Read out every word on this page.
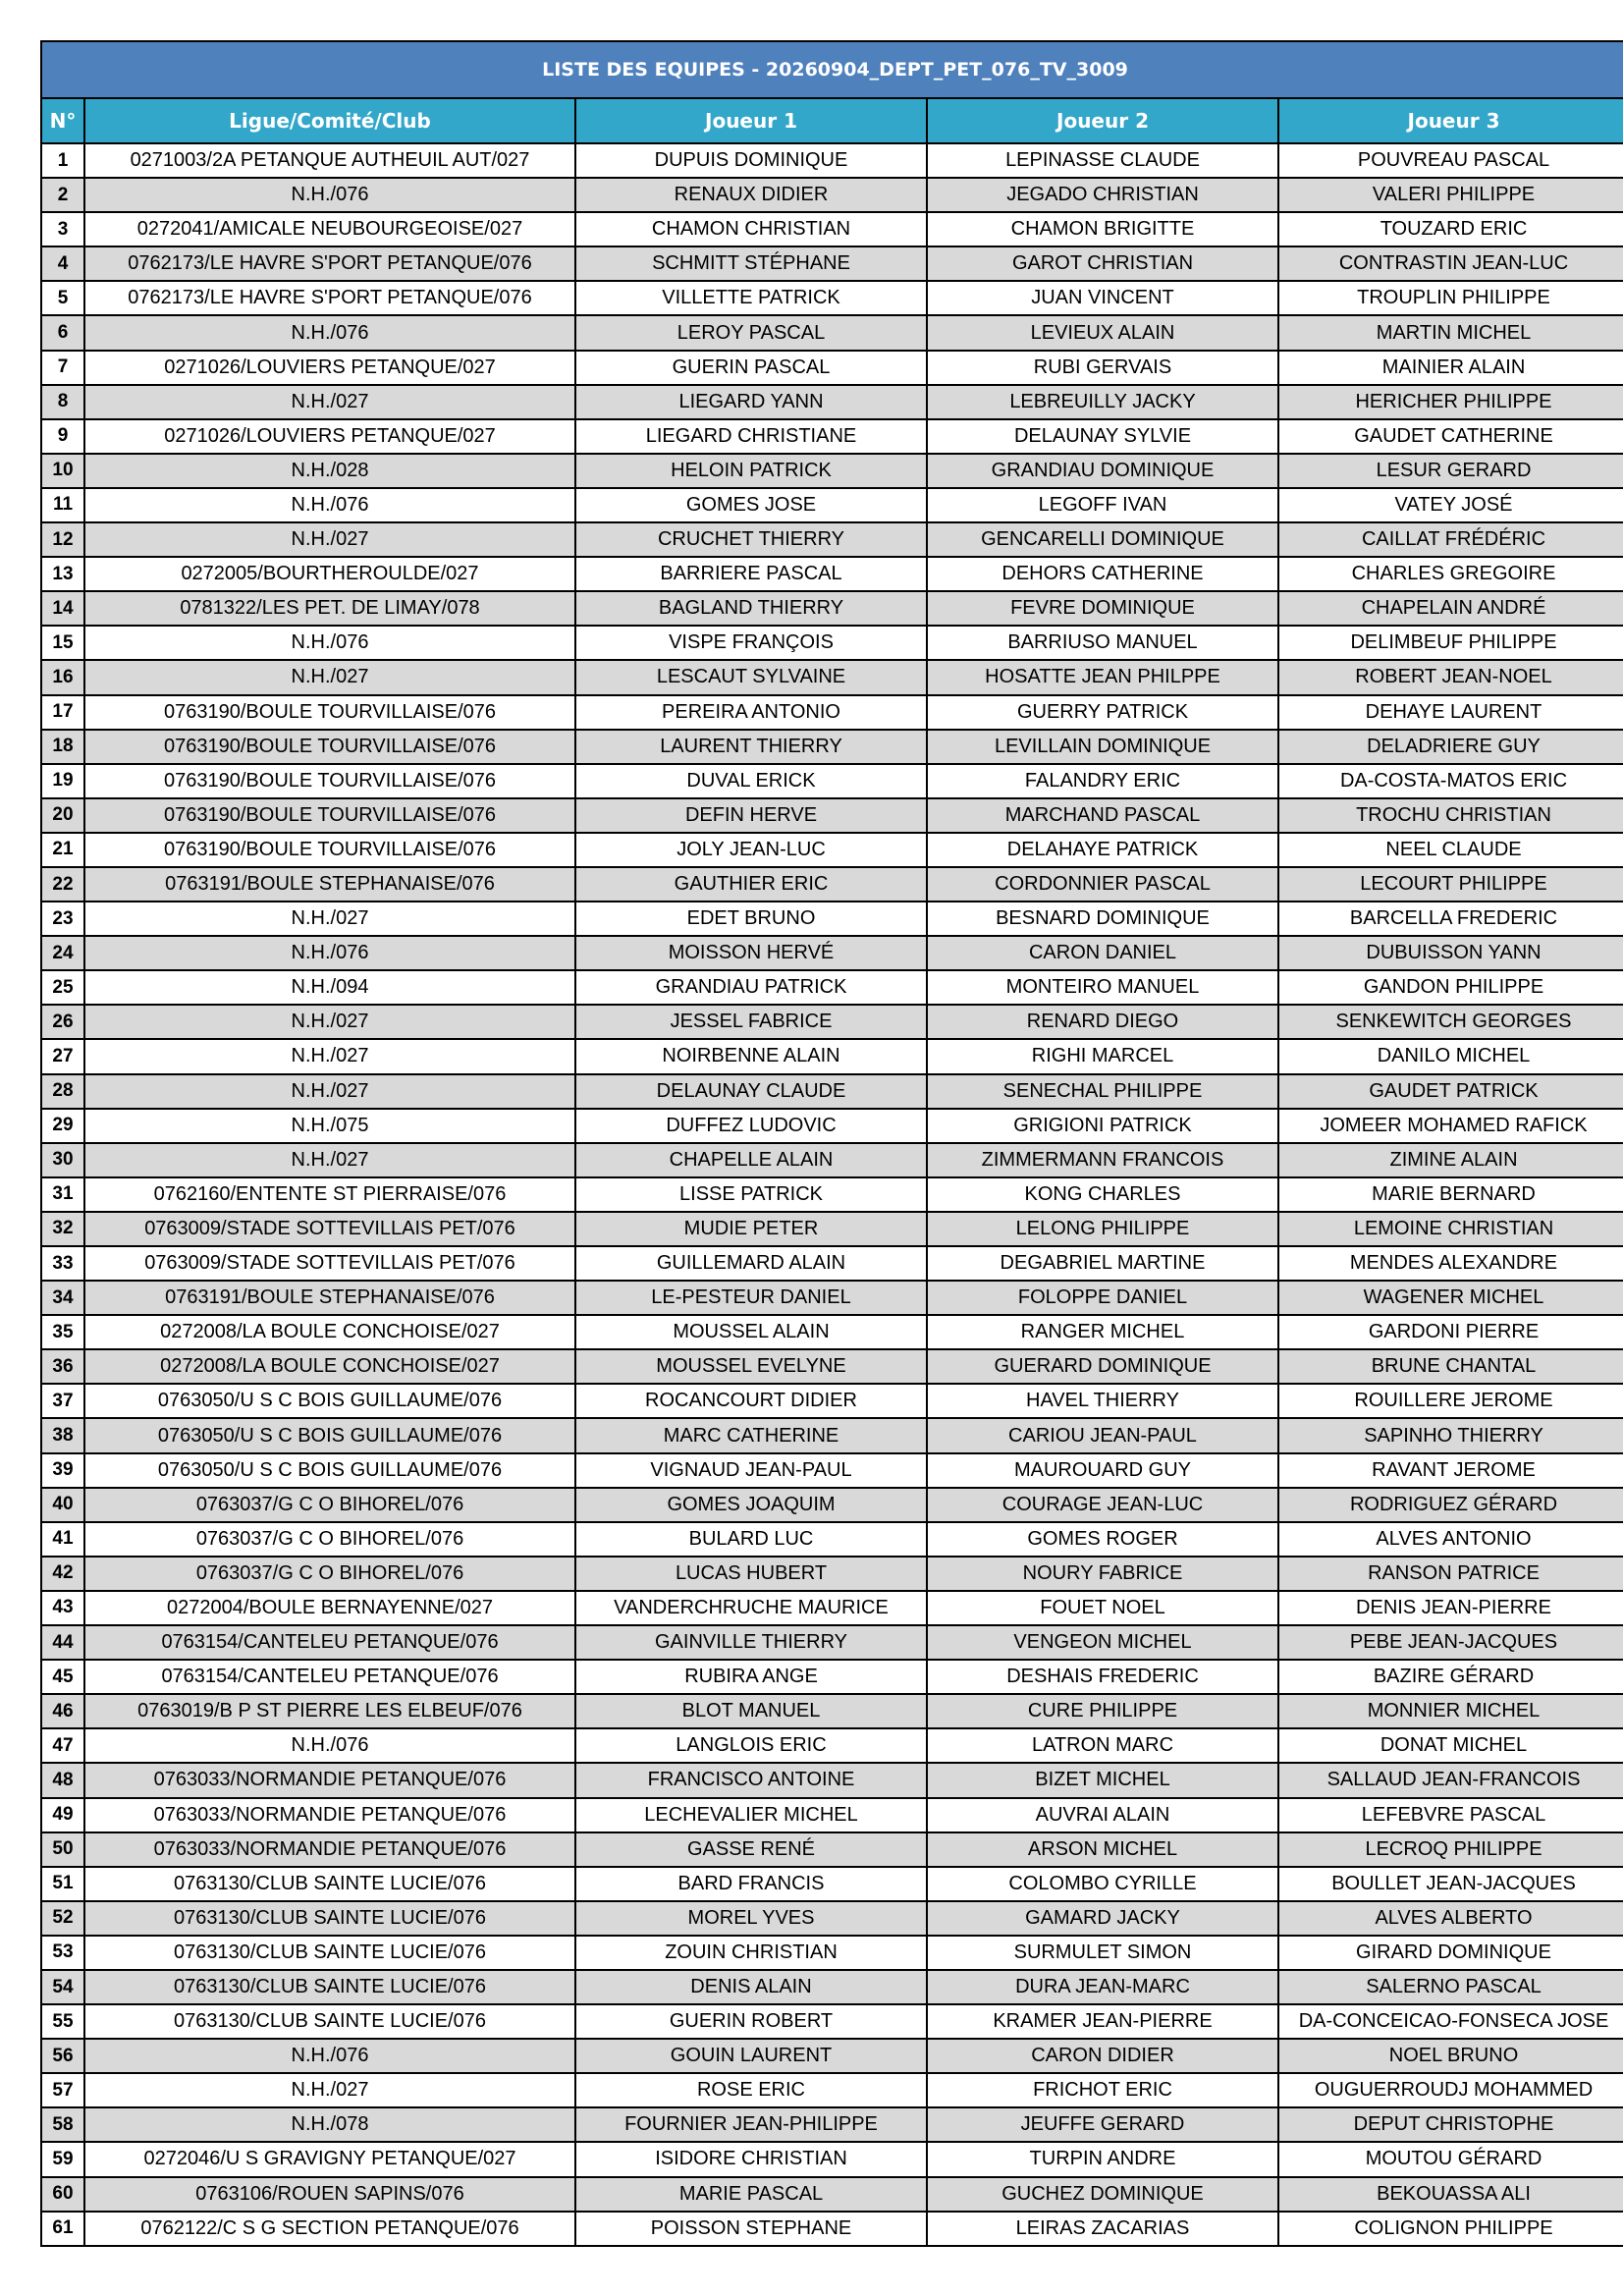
LISTE DES EQUIPES - 20260904_DEPT_PET_076_TV_3009				
N°	Ligue/Comité/Club	Joueur 1	Joueur 2	Joueur 3
1	0271003/2A PETANQUE AUTHEUIL AUT/027	DUPUIS DOMINIQUE	LEPINASSE CLAUDE	POUVREAU PASCAL
2	N.H./076	RENAUX DIDIER	JEGADO CHRISTIAN	VALERI PHILIPPE
3	0272041/AMICALE NEUBOURGEOISE/027	CHAMON CHRISTIAN	CHAMON BRIGITTE	TOUZARD ERIC
4	0762173/LE HAVRE S'PORT PETANQUE/076	SCHMITT STÉPHANE	GAROT CHRISTIAN	CONTRASTIN JEAN-LUC
5	0762173/LE HAVRE S'PORT PETANQUE/076	VILLETTE PATRICK	JUAN VINCENT	TROUPLIN PHILIPPE
6	N.H./076	LEROY PASCAL	LEVIEUX ALAIN	MARTIN MICHEL
7	0271026/LOUVIERS PETANQUE/027	GUERIN PASCAL	RUBI GERVAIS	MAINIER ALAIN
8	N.H./027	LIEGARD YANN	LEBREUILLY JACKY	HERICHER PHILIPPE
9	0271026/LOUVIERS PETANQUE/027	LIEGARD CHRISTIANE	DELAUNAY SYLVIE	GAUDET CATHERINE
10	N.H./028	HELOIN PATRICK	GRANDIAU DOMINIQUE	LESUR GERARD
11	N.H./076	GOMES JOSE	LEGOFF IVAN	VATEY JOSÉ
12	N.H./027	CRUCHET THIERRY	GENCARELLI DOMINIQUE	CAILLAT FRÉDÉRIC
13	0272005/BOURTHEROULDE/027	BARRIERE PASCAL	DEHORS CATHERINE	CHARLES GREGOIRE
14	0781322/LES PET. DE LIMAY/078	BAGLAND THIERRY	FEVRE DOMINIQUE	CHAPELAIN ANDRÉ
15	N.H./076	VISPE FRANÇOIS	BARRIUSO MANUEL	DELIMBEUF PHILIPPE
16	N.H./027	LESCAUT SYLVAINE	HOSATTE JEAN PHILPPE	ROBERT JEAN-NOEL
17	0763190/BOULE TOURVILLAISE/076	PEREIRA ANTONIO	GUERRY PATRICK	DEHAYE LAURENT
18	0763190/BOULE TOURVILLAISE/076	LAURENT THIERRY	LEVILLAIN DOMINIQUE	DELADRIERE GUY
19	0763190/BOULE TOURVILLAISE/076	DUVAL ERICK	FALANDRY ERIC	DA-COSTA-MATOS ERIC
20	0763190/BOULE TOURVILLAISE/076	DEFIN HERVE	MARCHAND PASCAL	TROCHU CHRISTIAN
21	0763190/BOULE TOURVILLAISE/076	JOLY JEAN-LUC	DELAHAYE PATRICK	NEEL CLAUDE
22	0763191/BOULE STEPHANAISE/076	GAUTHIER ERIC	CORDONNIER PASCAL	LECOURT PHILIPPE
23	N.H./027	EDET BRUNO	BESNARD DOMINIQUE	BARCELLA FREDERIC
24	N.H./076	MOISSON HERVÉ	CARON DANIEL	DUBUISSON YANN
25	N.H./094	GRANDIAU PATRICK	MONTEIRO MANUEL	GANDON PHILIPPE
26	N.H./027	JESSEL FABRICE	RENARD DIEGO	SENKEWITCH GEORGES
27	N.H./027	NOIRBENNE ALAIN	RIGHI MARCEL	DANILO MICHEL
28	N.H./027	DELAUNAY CLAUDE	SENECHAL PHILIPPE	GAUDET PATRICK
29	N.H./075	DUFFEZ LUDOVIC	GRIGIONI PATRICK	JOMEER MOHAMED RAFICK
30	N.H./027	CHAPELLE ALAIN	ZIMMERMANN FRANCOIS	ZIMINE ALAIN
31	0762160/ENTENTE ST PIERRAISE/076	LISSE PATRICK	KONG CHARLES	MARIE BERNARD
32	0763009/STADE SOTTEVILLAIS PET/076	MUDIE PETER	LELONG PHILIPPE	LEMOINE CHRISTIAN
33	0763009/STADE SOTTEVILLAIS PET/076	GUILLEMARD ALAIN	DEGABRIEL MARTINE	MENDES ALEXANDRE
34	0763191/BOULE STEPHANAISE/076	LE-PESTEUR DANIEL	FOLOPPE DANIEL	WAGENER MICHEL
35	0272008/LA BOULE CONCHOISE/027	MOUSSEL ALAIN	RANGER MICHEL	GARDONI PIERRE
36	0272008/LA BOULE CONCHOISE/027	MOUSSEL EVELYNE	GUERARD DOMINIQUE	BRUNE CHANTAL
37	0763050/U S C BOIS GUILLAUME/076	ROCANCOURT DIDIER	HAVEL THIERRY	ROUILLERE JEROME
38	0763050/U S C BOIS GUILLAUME/076	MARC CATHERINE	CARIOU JEAN-PAUL	SAPINHO THIERRY
39	0763050/U S C BOIS GUILLAUME/076	VIGNAUD JEAN-PAUL	MAUROUARD GUY	RAVANT JEROME
40	0763037/G C O BIHOREL/076	GOMES JOAQUIM	COURAGE JEAN-LUC	RODRIGUEZ GÉRARD
41	0763037/G C O BIHOREL/076	BULARD LUC	GOMES ROGER	ALVES ANTONIO
42	0763037/G C O BIHOREL/076	LUCAS HUBERT	NOURY FABRICE	RANSON PATRICE
43	0272004/BOULE BERNAYENNE/027	VANDERCHRUCHE MAURICE	FOUET NOEL	DENIS JEAN-PIERRE
44	0763154/CANTELEU PETANQUE/076	GAINVILLE THIERRY	VENGEON MICHEL	PEBE JEAN-JACQUES
45	0763154/CANTELEU PETANQUE/076	RUBIRA ANGE	DESHAIS FREDERIC	BAZIRE GÉRARD
46	0763019/B P ST PIERRE LES ELBEUF/076	BLOT MANUEL	CURE PHILIPPE	MONNIER MICHEL
47	N.H./076	LANGLOIS ERIC	LATRON MARC	DONAT MICHEL
48	0763033/NORMANDIE PETANQUE/076	FRANCISCO ANTOINE	BIZET MICHEL	SALLAUD JEAN-FRANCOIS
49	0763033/NORMANDIE PETANQUE/076	LECHEVALIER MICHEL	AUVRAI ALAIN	LEFEBVRE PASCAL
50	0763033/NORMANDIE PETANQUE/076	GASSE RENÉ	ARSON MICHEL	LECROQ PHILIPPE
51	0763130/CLUB SAINTE LUCIE/076	BARD FRANCIS	COLOMBO CYRILLE	BOULLET JEAN-JACQUES
52	0763130/CLUB SAINTE LUCIE/076	MOREL YVES	GAMARD JACKY	ALVES ALBERTO
53	0763130/CLUB SAINTE LUCIE/076	ZOUIN CHRISTIAN	SURMULET SIMON	GIRARD DOMINIQUE
54	0763130/CLUB SAINTE LUCIE/076	DENIS ALAIN	DURA JEAN-MARC	SALERNO PASCAL
55	0763130/CLUB SAINTE LUCIE/076	GUERIN ROBERT	KRAMER JEAN-PIERRE	DA-CONCEICAO-FONSECA JOSE
56	N.H./076	GOUIN LAURENT	CARON DIDIER	NOEL BRUNO
57	N.H./027	ROSE ERIC	FRICHOT ERIC	OUGUERROUDJ MOHAMMED
58	N.H./078	FOURNIER JEAN-PHILIPPE	JEUFFE GERARD	DEPUT CHRISTOPHE
59	0272046/U S GRAVIGNY PETANQUE/027	ISIDORE CHRISTIAN	TURPIN ANDRE	MOUTOU GÉRARD
60	0763106/ROUEN SAPINS/076	MARIE PASCAL	GUCHEZ DOMINIQUE	BEKOUASSA ALI
61	0762122/C S G SECTION PETANQUE/076	POISSON STEPHANE	LEIRAS ZACARIAS	COLIGNON PHILIPPE
